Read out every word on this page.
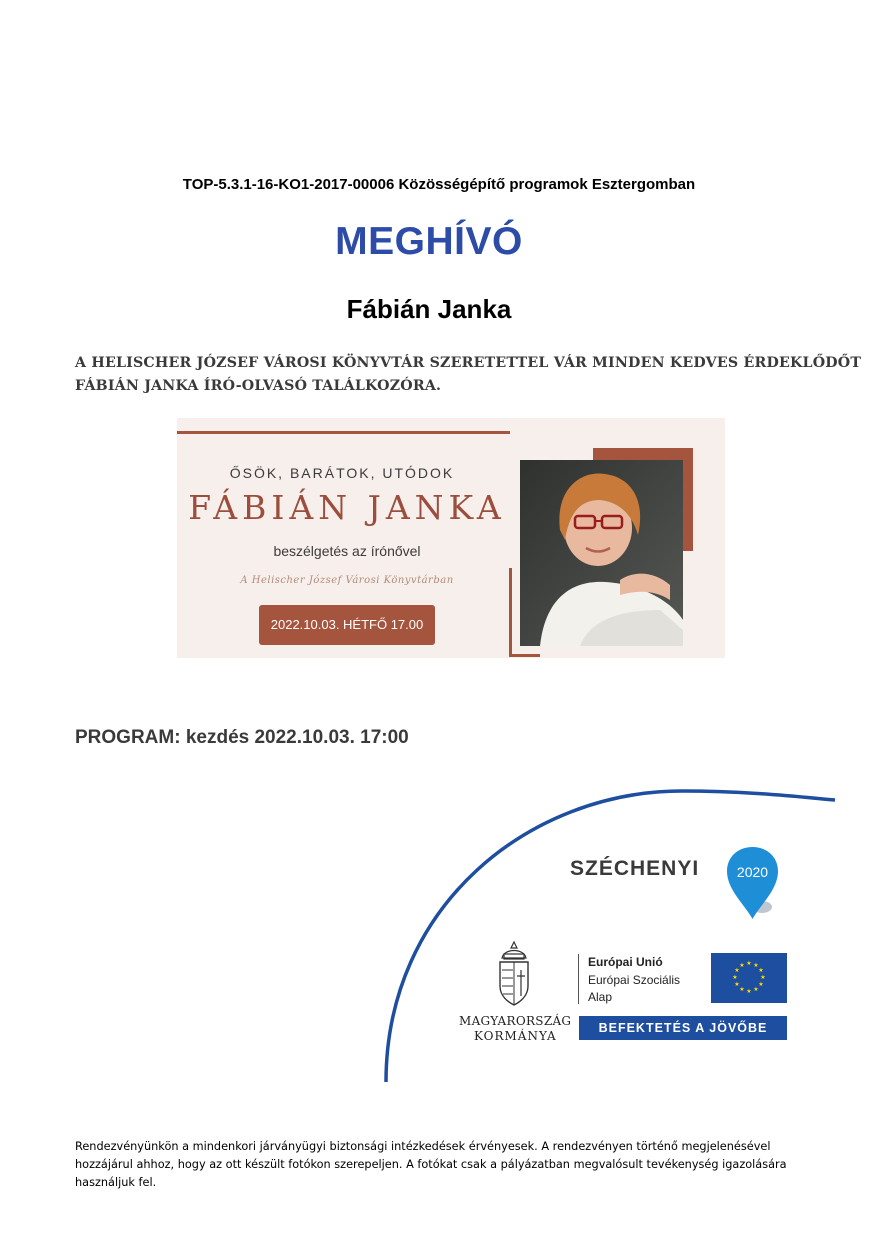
TOP-5.3.1-16-KO1-2017-00006 Közösségépítő programok Esztergomban
MEGHÍVÓ
Fábián Janka
A HELISCHER JÓZSEF VÁROSI KÖNYVTÁR SZERETETTEL VÁR MINDEN KEDVES ÉRDEKLŐDŐT
FÁBIÁN JANKA ÍRÓ-OLVASÓ TALÁLKOZÓRA.
ŐSÖK, BARÁTOK, UTÓDOK
FÁBIÁN JANKA
beszélgetés az írónővel
A Helischer József Városi Könyvtárban
2022.10.03. HÉTFŐ 17.00
PROGRAM: kezdés 2022.10.03. 17:00
SZÉCHENYI	2020
MAGYARORSZÁG
KORMÁNYA
Európai Unió
Európai Szociális
Alap
★ ★
★
★
★
★
★
★
★
★
★
★
BEFEKTETÉS A JÖVŐBE
Rendezvényünkön a mindenkori járványügyi biztonsági intézkedések érvényesek. A rendezvényen történő megjelenésével
hozzájárul ahhoz, hogy az ott készült fotókon szerepeljen. A fotókat csak a pályázatban megvalósult tevékenység igazolására
használjuk fel.
